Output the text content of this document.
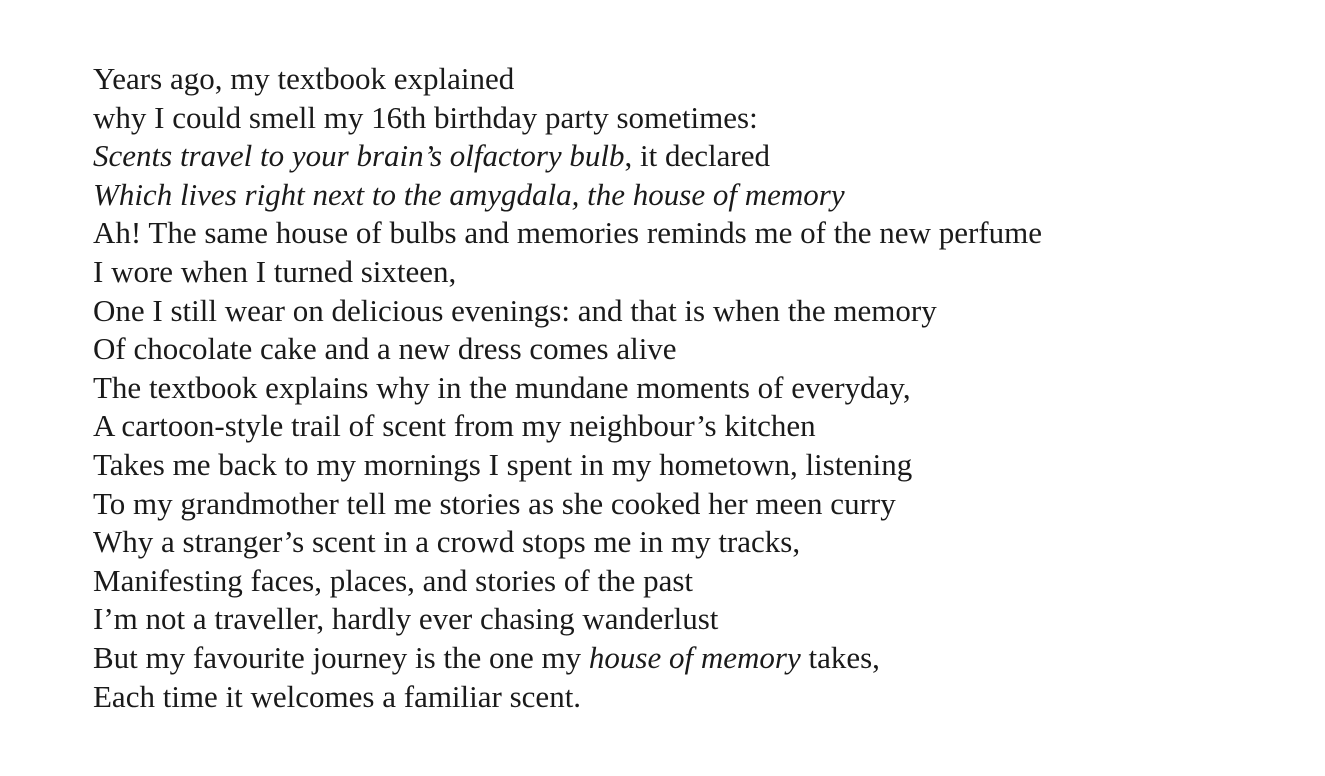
Years ago, my textbook explained
why I could smell my 16th birthday party sometimes:
Scents travel to your brain’s olfactory bulb, it declared
Which lives right next to the amygdala, the house of memory
Ah! The same house of bulbs and memories reminds me of the new perfume
I wore when I turned sixteen,
One I still wear on delicious evenings: and that is when the memory
Of chocolate cake and a new dress comes alive
The textbook explains why in the mundane moments of everyday,
A cartoon-style trail of scent from my neighbour’s kitchen
Takes me back to my mornings I spent in my hometown, listening
To my grandmother tell me stories as she cooked her meen curry
Why a stranger’s scent in a crowd stops me in my tracks,
Manifesting faces, places, and stories of the past
I’m not a traveller, hardly ever chasing wanderlust
But my favourite journey is the one my house of memory takes,
Each time it welcomes a familiar scent.
